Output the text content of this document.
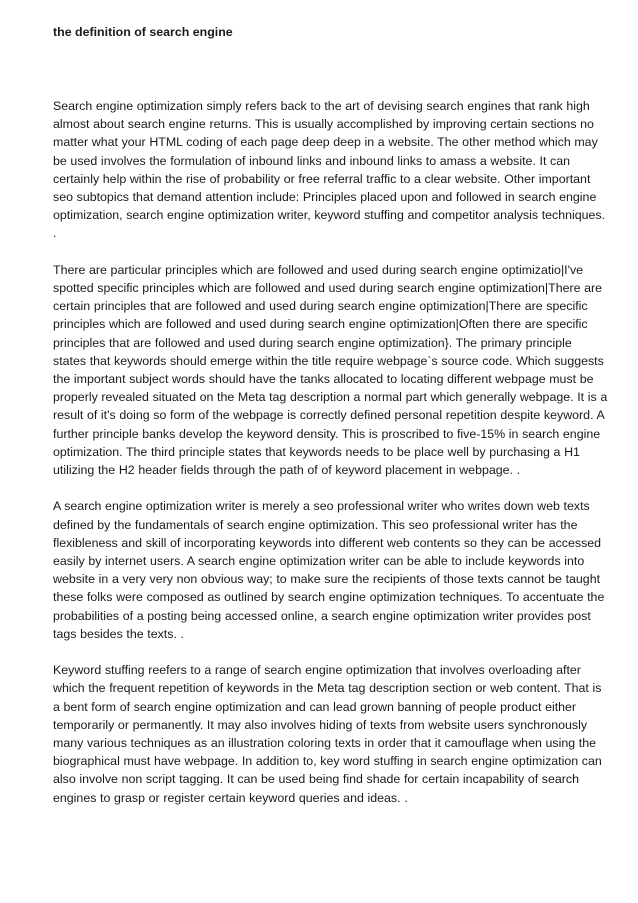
the definition of search engine

Search engine optimization simply refers back to the art of devising search engines that rank high almost about search engine returns. This is usually accomplished by improving certain sections no matter what your HTML coding of each page deep deep in a website. The other method which may be used involves the formulation of inbound links and inbound links to amass a website. It can certainly help within the rise of probability or free referral traffic to a clear website. Other important seo subtopics that demand attention include: Principles placed upon and followed in search engine optimization, search engine optimization writer, keyword stuffing and competitor analysis techniques. .

There are particular principles which are followed and used during search engine optimizatio|I've spotted specific principles which are followed and used during search engine optimization|There are certain principles that are followed and used during search engine optimization|There are specific principles which are followed and used during search engine optimization|Often there are specific principles that are followed and used during search engine optimization}. The primary principle states that keywords should emerge within the title require webpage`s source code. Which suggests the important subject words should have the tanks allocated to locating different webpage must be properly revealed situated on the Meta tag description a normal part which generally webpage. It is a result of it's doing so form of the webpage is correctly defined personal repetition despite keyword. A further principle banks develop the keyword density. This is proscribed to five-15% in search engine optimization. The third principle states that keywords needs to be place well by purchasing a H1 utilizing the H2 header fields through the path of of keyword placement in webpage. .

A search engine optimization writer is merely a seo professional writer who writes down web texts defined by the fundamentals of search engine optimization. This seo professional writer has the flexibleness and skill of incorporating keywords into different web contents so they can be accessed easily by internet users. A search engine optimization writer can be able to include keywords into website in a very very non obvious way; to make sure the recipients of those texts cannot be taught these folks were composed as outlined by search engine optimization techniques. To accentuate the probabilities of a posting being accessed online, a search engine optimization writer provides post tags besides the texts. .

Keyword stuffing reefers to a range of search engine optimization that involves overloading after which the frequent repetition of keywords in the Meta tag description section or web content. That is a bent form of search engine optimization and can lead grown banning of people product either temporarily or permanently. It may also involves hiding of texts from website users synchronously many various techniques as an illustration coloring texts in order that it camouflage when using the biographical must have webpage. In addition to, key word stuffing in search engine optimization can also involve non script tagging. It can be used being find shade for certain incapability of search engines to grasp or register certain keyword queries and ideas. .
